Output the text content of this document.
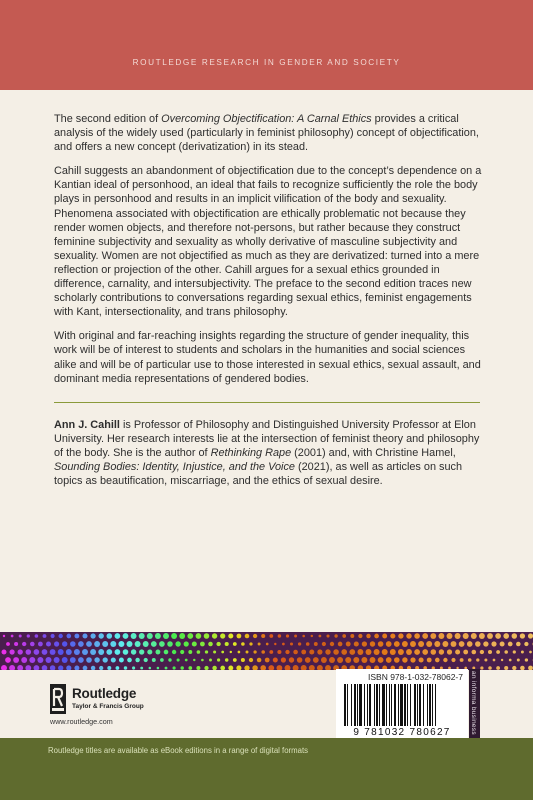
ROUTLEDGE RESEARCH IN GENDER AND SOCIETY

The second edition of Overcoming Objectification: A Carnal Ethics provides a critical analysis of the widely used (particularly in feminist philosophy) concept of objectification, and offers a new concept (derivatization) in its stead.

Cahill suggests an abandonment of objectification due to the concept’s dependence on a Kantian ideal of personhood, an ideal that fails to recognize sufficiently the role the body plays in personhood and results in an implicit vilification of the body and sexuality. Phenomena associated with objectification are ethically problematic not because they render women objects, and therefore not-persons, but rather because they construct feminine subjectivity and sexuality as wholly derivative of masculine subjectivity and sexuality. Women are not objectified as much as they are derivatized: turned into a mere reflection or projection of the other. Cahill argues for a sexual ethics grounded in difference, carnality, and intersubjectivity. The preface to the second edition traces new scholarly contributions to conversations regarding sexual ethics, feminist engagements with Kant, intersectionality, and trans philosophy.

With original and far-reaching insights regarding the structure of gender inequality, this work will be of interest to students and scholars in the humanities and social sciences alike and will be of particular use to those interested in sexual ethics, sexual assault, and dominant media representations of gendered bodies.

Ann J. Cahill is Professor of Philosophy and Distinguished University Professor at Elon University. Her research interests lie at the intersection of feminist theory and philosophy of the body. She is the author of Rethinking Rape (2001) and, with Christine Hamel, Sounding Bodies: Identity, Injustice, and the Voice (2021), as well as articles on such topics as beautification, miscarriage, and the ethics of sexual desire.

Routledge
Taylor & Francis Group
www.routledge.com
ISBN 978-1-032-78062-7
9 781032 780627	an informa business
Routledge titles are available as eBook editions in a range of digital formats
